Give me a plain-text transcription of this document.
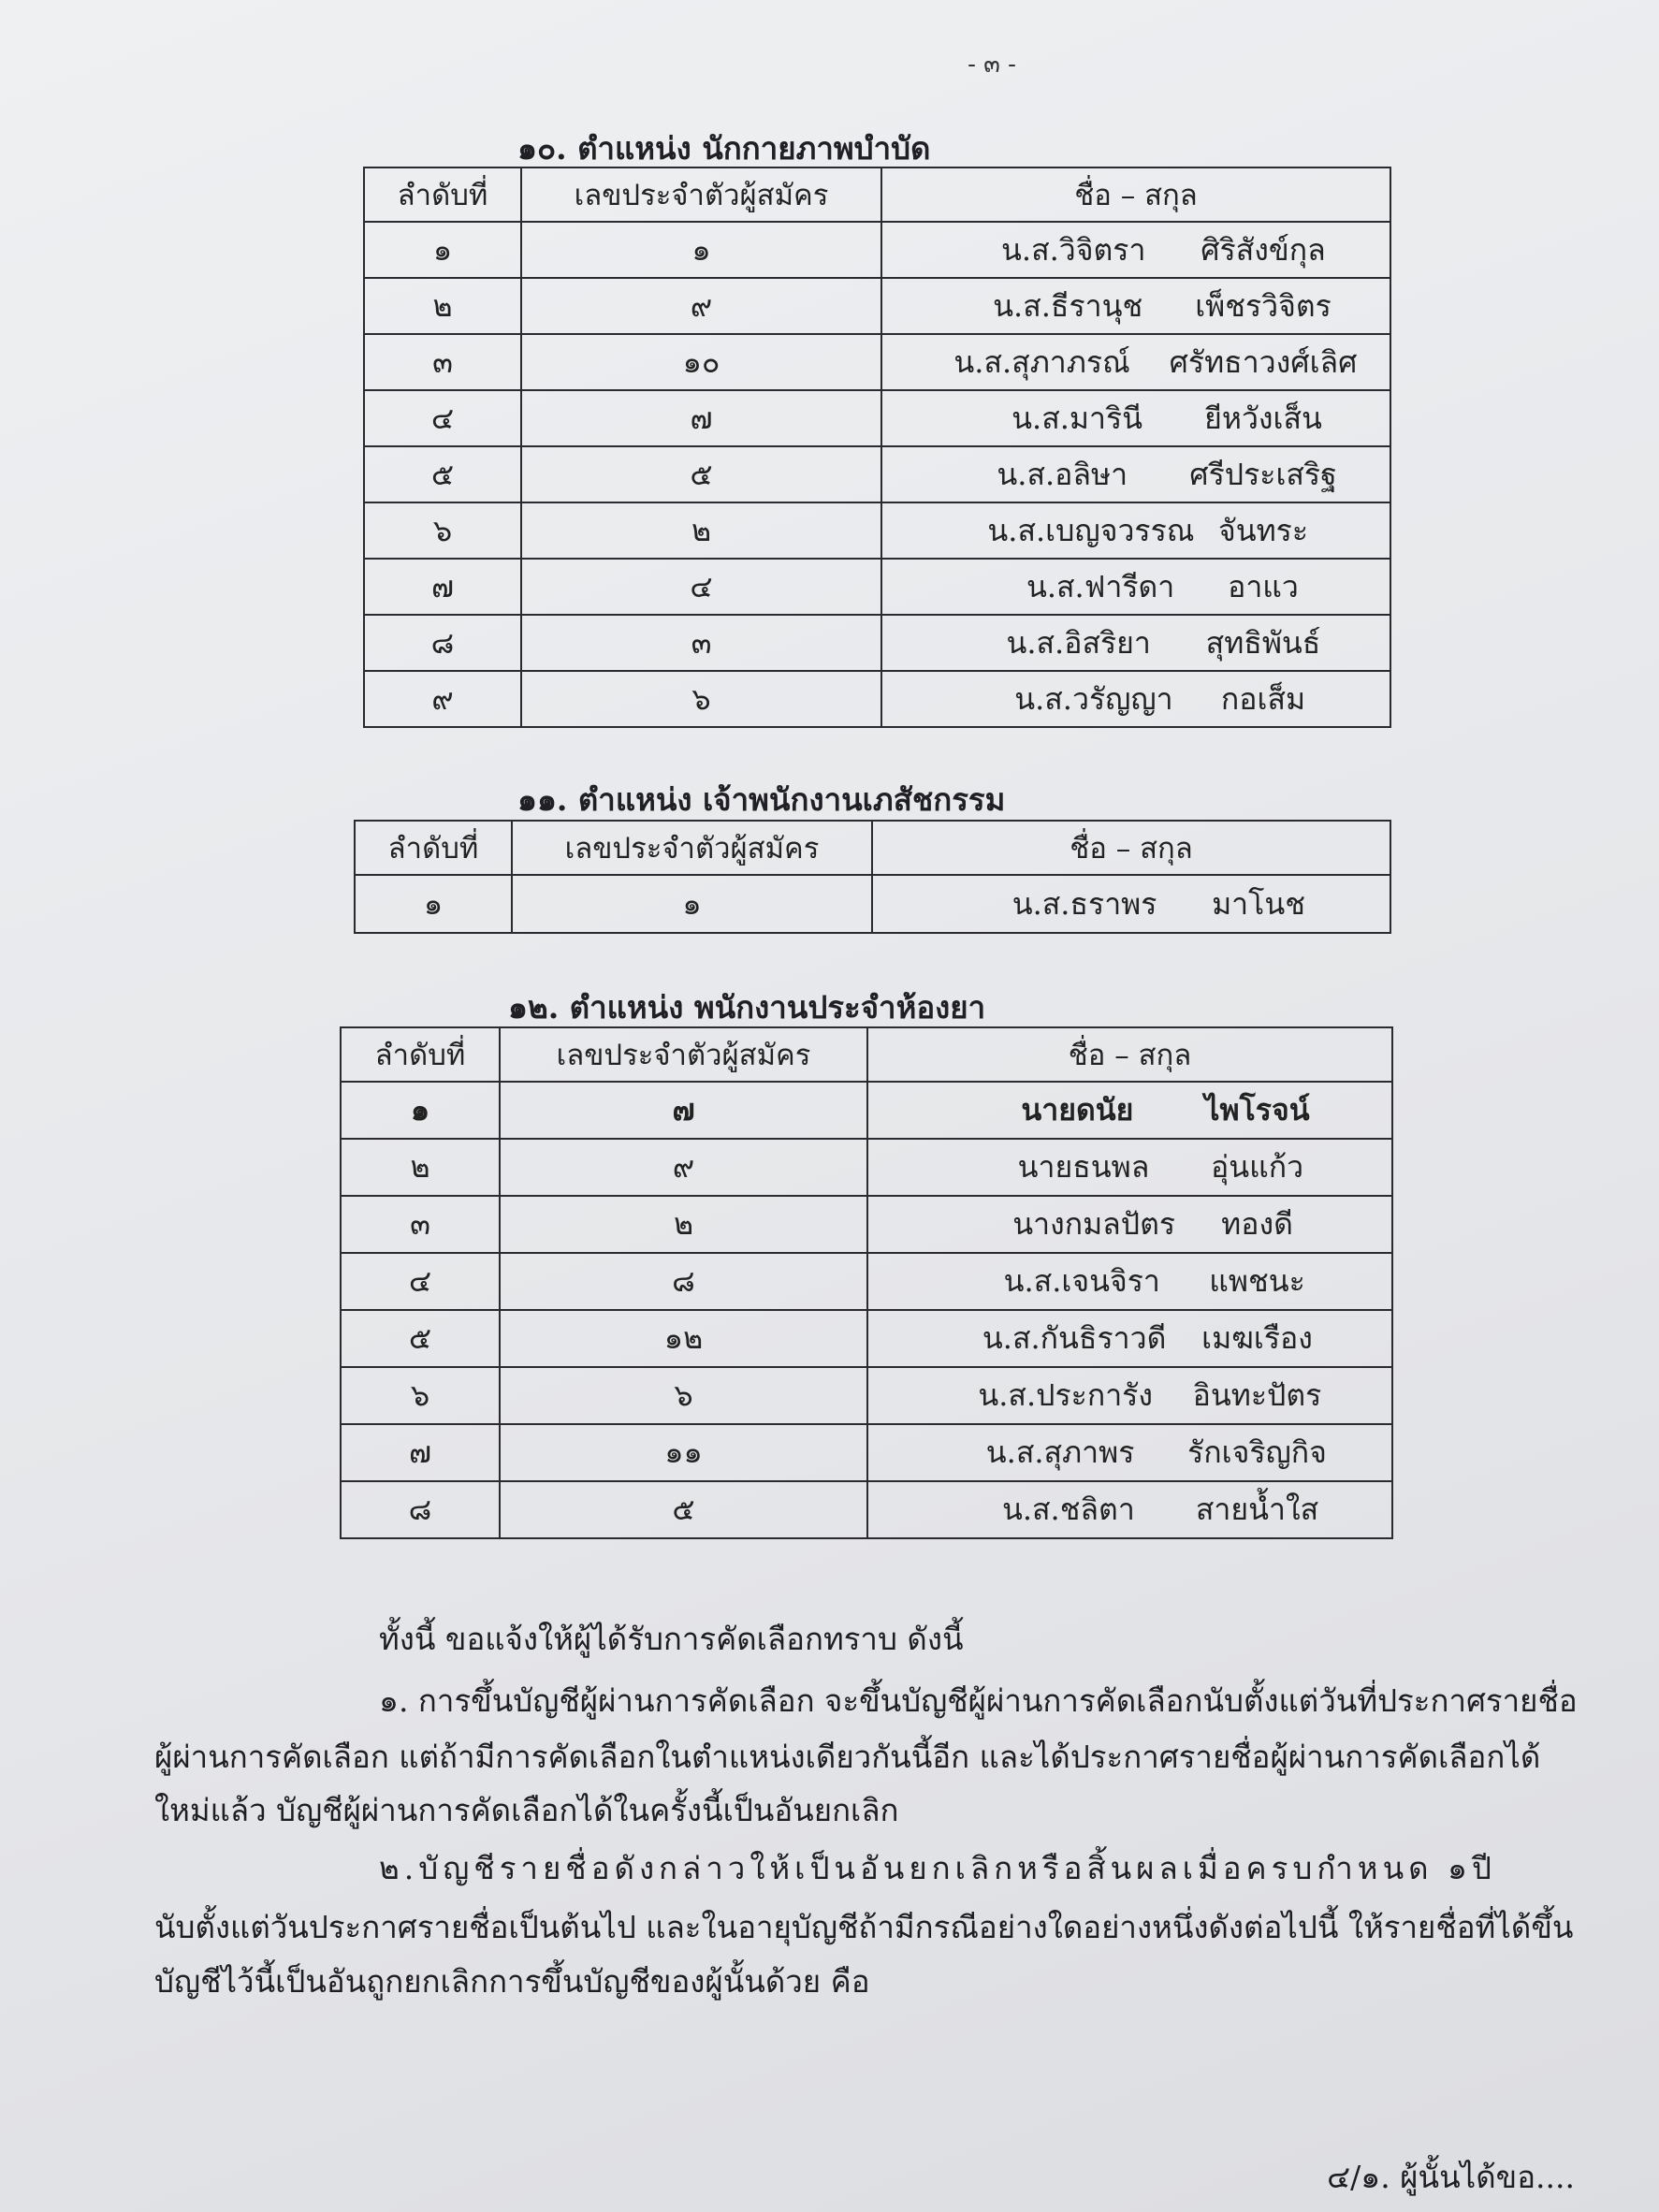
- ๓ -
๑๐. ตำแหน่ง นักกายภาพบำบัด
ลำดับที่	เลขประจำตัวผู้สมัคร	ชื่อ – สกุล
๑	๑	น.ส.วิจิตรา ศิริสังข์กุล
๒	๙	น.ส.ธีรานุช เพ็ชรวิจิตร
๓	๑๐	น.ส.สุภาภรณ์ ศรัทธาวงศ์เลิศ
๔	๗	น.ส.มารินี ยีหวังเส็น
๕	๕	น.ส.อลิษา ศรีประเสริฐ
๖	๒	น.ส.เบญจวรรณ จันทระ
๗	๔	น.ส.ฟารีดา อาแว
๘	๓	น.ส.อิสริยา สุทธิพันธ์
๙	๖	น.ส.วรัญญา กอเส็ม
๑๑. ตำแหน่ง เจ้าพนักงานเภสัชกรรม
ลำดับที่	เลขประจำตัวผู้สมัคร	ชื่อ – สกุล
๑	๑	น.ส.ธราพร มาโนช
๑๒. ตำแหน่ง พนักงานประจำห้องยา
ลำดับที่	เลขประจำตัวผู้สมัคร	ชื่อ – สกุล
๑	๗	นายดนัย ไพโรจน์
๒	๙	นายธนพล อุ่นแก้ว
๓	๒	นางกมลปัตร ทองดี
๔	๘	น.ส.เจนจิรา แพชนะ
๕	๑๒	น.ส.กันธิราวดี เมฆเรือง
๖	๖	น.ส.ประการัง อินทะปัตร
๗	๑๑	น.ส.สุภาพร รักเจริญกิจ
๘	๕	น.ส.ชลิตา สายน้ำใส
ทั้งนี้ ขอแจ้งให้ผู้ได้รับการคัดเลือกทราบ ดังนี้
๑. การขึ้นบัญชีผู้ผ่านการคัดเลือก จะขึ้นบัญชีผู้ผ่านการคัดเลือกนับตั้งแต่วันที่ประกาศรายชื่อ
ผู้ผ่านการคัดเลือก แต่ถ้ามีการคัดเลือกในตำแหน่งเดียวกันนี้อีก และได้ประกาศรายชื่อผู้ผ่านการคัดเลือกได้
ใหม่แล้ว บัญชีผู้ผ่านการคัดเลือกได้ในครั้งนี้เป็นอันยกเลิก
๒.บัญชีรายชื่อดังกล่าวให้เป็นอันยกเลิกหรือสิ้นผลเมื่อครบกำหนด ๑ปี
นับตั้งแต่วันประกาศรายชื่อเป็นต้นไป และในอายุบัญชีถ้ามีกรณีอย่างใดอย่างหนึ่งดังต่อไปนี้ ให้รายชื่อที่ได้ขึ้น
บัญชีไว้นี้เป็นอันถูกยกเลิกการขึ้นบัญชีของผู้นั้นด้วย คือ
๔/๑. ผู้นั้นได้ขอ....
